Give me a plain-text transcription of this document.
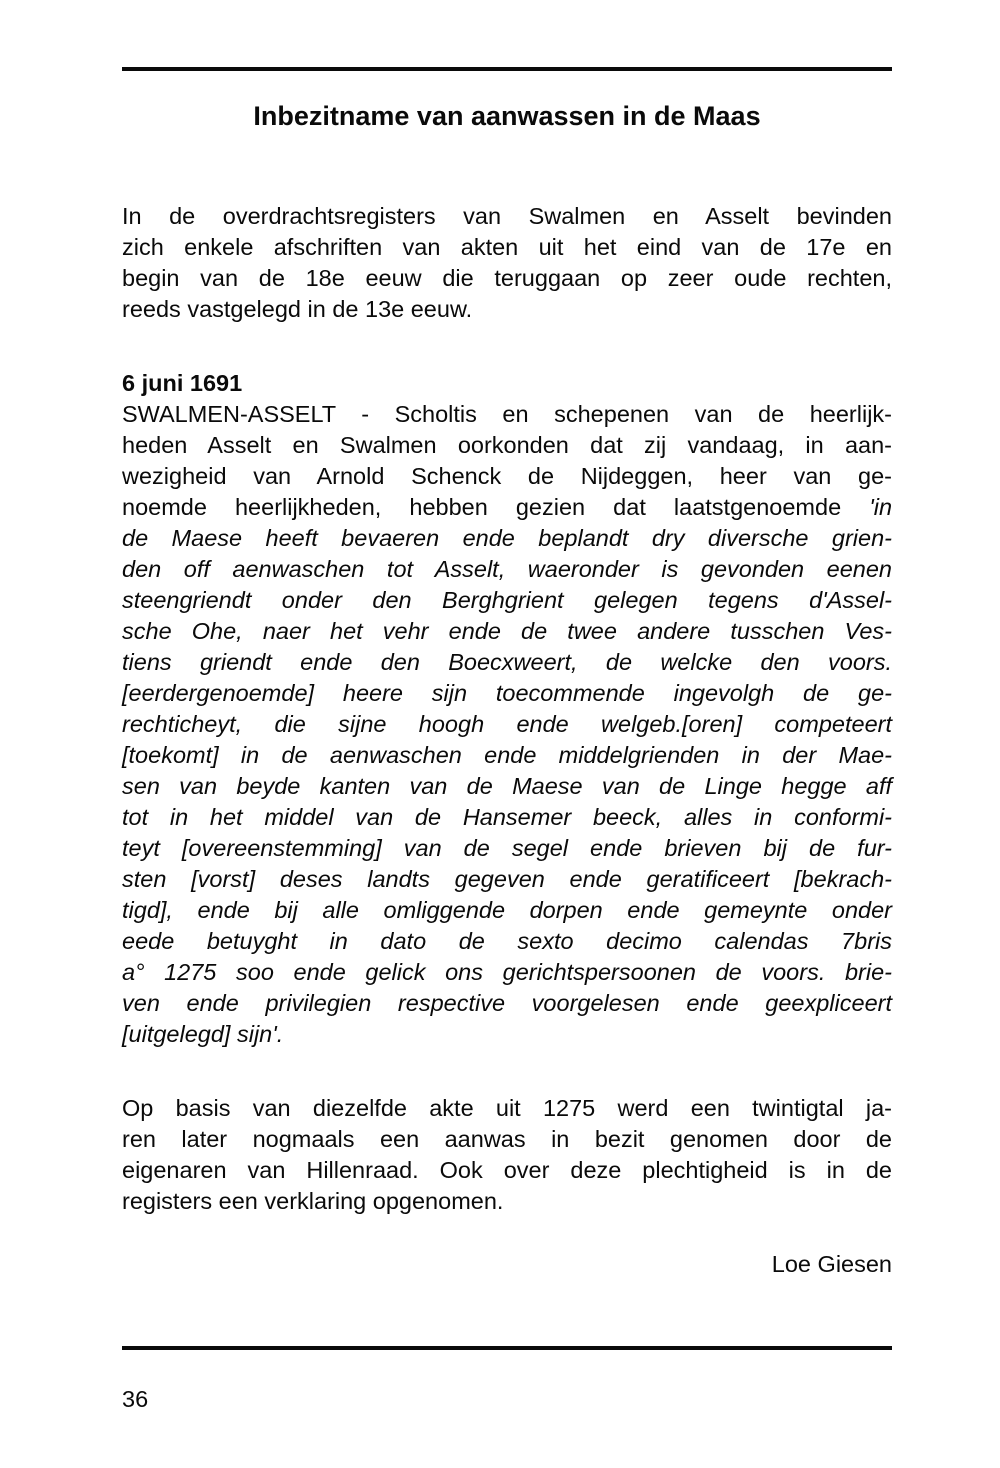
Inbezitname van aanwassen in de Maas
In de overdrachtsregisters van Swalmen en Asselt bevinden
zich enkele afschriften van akten uit het eind van de 17e en
begin van de 18e eeuw die teruggaan op zeer oude rechten,
reeds vastgelegd in de 13e eeuw.
6 juni 1691
SWALMEN-ASSELT - Scholtis en schepenen van de heerlijk-
heden Asselt en Swalmen oorkonden dat zij vandaag, in aan-
wezigheid van Arnold Schenck de Nijdeggen, heer van ge-
noemde heerlijkheden, hebben gezien dat laatstgenoemde 'in
de Maese heeft bevaeren ende beplandt dry diversche grien-
den off aenwaschen tot Asselt, waeronder is gevonden eenen
steengriendt onder den Berghgrient gelegen tegens d'Assel-
sche Ohe, naer het vehr ende de twee andere tusschen Ves-
tiens griendt ende den Boecxweert, de welcke den voors.
[eerdergenoemde] heere sijn toecommende ingevolgh de ge-
rechticheyt, die sijne hoogh ende welgeb.[oren] competeert
[toekomt] in de aenwaschen ende middelgrienden in der Mae-
sen van beyde kanten van de Maese van de Linge hegge aff
tot in het middel van de Hansemer beeck, alles in conformi-
teyt [overeenstemming] van de segel ende brieven bij de fur-
sten [vorst] deses landts gegeven ende geratificeert [bekrach-
tigd], ende bij alle omliggende dorpen ende gemeynte onder
eede betuyght in dato de sexto decimo calendas 7bris
a° 1275 soo ende gelick ons gerichtspersoonen de voors. brie-
ven ende privilegien respective voorgelesen ende geexpliceert
[uitgelegd] sijn'.
Op basis van diezelfde akte uit 1275 werd een twintigtal ja-
ren later nogmaals een aanwas in bezit genomen door de
eigenaren van Hillenraad. Ook over deze plechtigheid is in de
registers een verklaring opgenomen.
Loe Giesen
36
